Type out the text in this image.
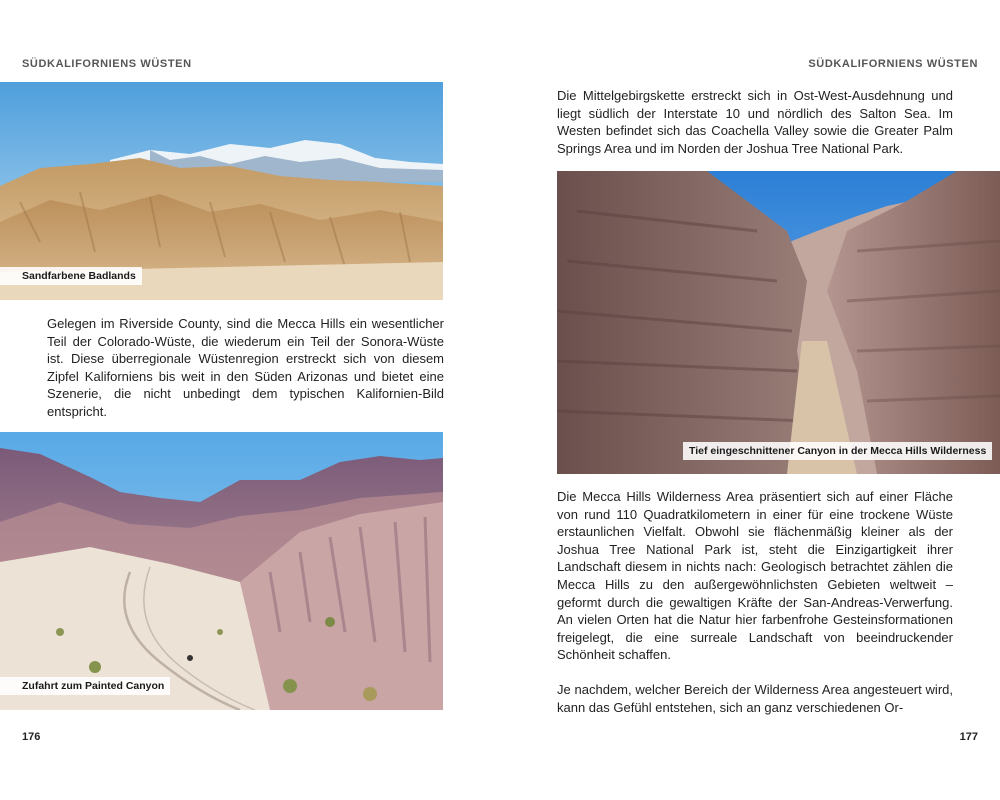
SÜDKALIFORNIENS WÜSTEN
Sandfarbene Badlands

Gelegen im Riverside County, sind die Mecca Hills ein wesentlicher Teil der Colorado-Wüste, die wiederum ein Teil der Sonora-Wüste ist. Diese überregionale Wüstenregion erstreckt sich von diesem Zipfel Kaliforniens bis weit in den Süden Arizonas und bietet eine Szenerie, die nicht unbedingt dem typischen Kalifornien-Bild entspricht.

Zufahrt zum Painted Canyon
176
SÜDKALIFORNIENS WÜSTEN

Die Mittelgebirgskette erstreckt sich in Ost-West-Ausdehnung und liegt südlich der Interstate 10 und nördlich des Salton Sea. Im Westen befindet sich das Coachella Valley sowie die Greater Palm Springs Area und im Norden der Joshua Tree National Park.

Tief eingeschnittener Canyon in der Mecca Hills Wilderness

Die Mecca Hills Wilderness Area präsentiert sich auf einer Fläche von rund 110 Quadratkilometern in einer für eine trockene Wüste erstaunlichen Vielfalt. Obwohl sie flächenmäßig kleiner als der Joshua Tree National Park ist, steht die Einzigartigkeit ihrer Landschaft diesem in nichts nach: Geologisch betrachtet zählen die Mecca Hills zu den außergewöhnlichsten Gebieten weltweit – geformt durch die gewaltigen Kräfte der San-Andreas-Verwerfung. An vielen Orten hat die Natur hier farbenfrohe Gesteinsformationen freigelegt, die eine surreale Landschaft von beeindruckender Schönheit schaffen.

Je nachdem, welcher Bereich der Wilderness Area angesteuert wird, kann das Gefühl entstehen, sich an ganz verschiedenen Or-

177
